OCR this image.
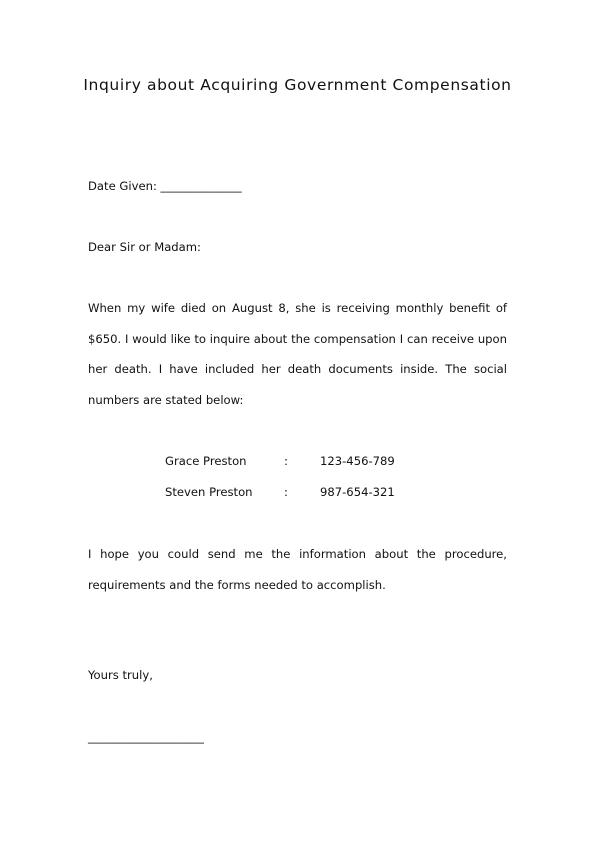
Inquiry about Acquiring Government Compensation
Date Given: ______________
Dear Sir or Madam:
When my wife died on August 8, she is receiving monthly benefit of $650. I would like to inquire about the compensation I can receive upon her death. I have included her death documents inside. The social numbers are stated below:
Grace Preston	:	123-456-789
Steven Preston	:	987-654-321
I hope you could send me the information about the procedure, requirements and the forms needed to accomplish.
Yours truly,
____________________
